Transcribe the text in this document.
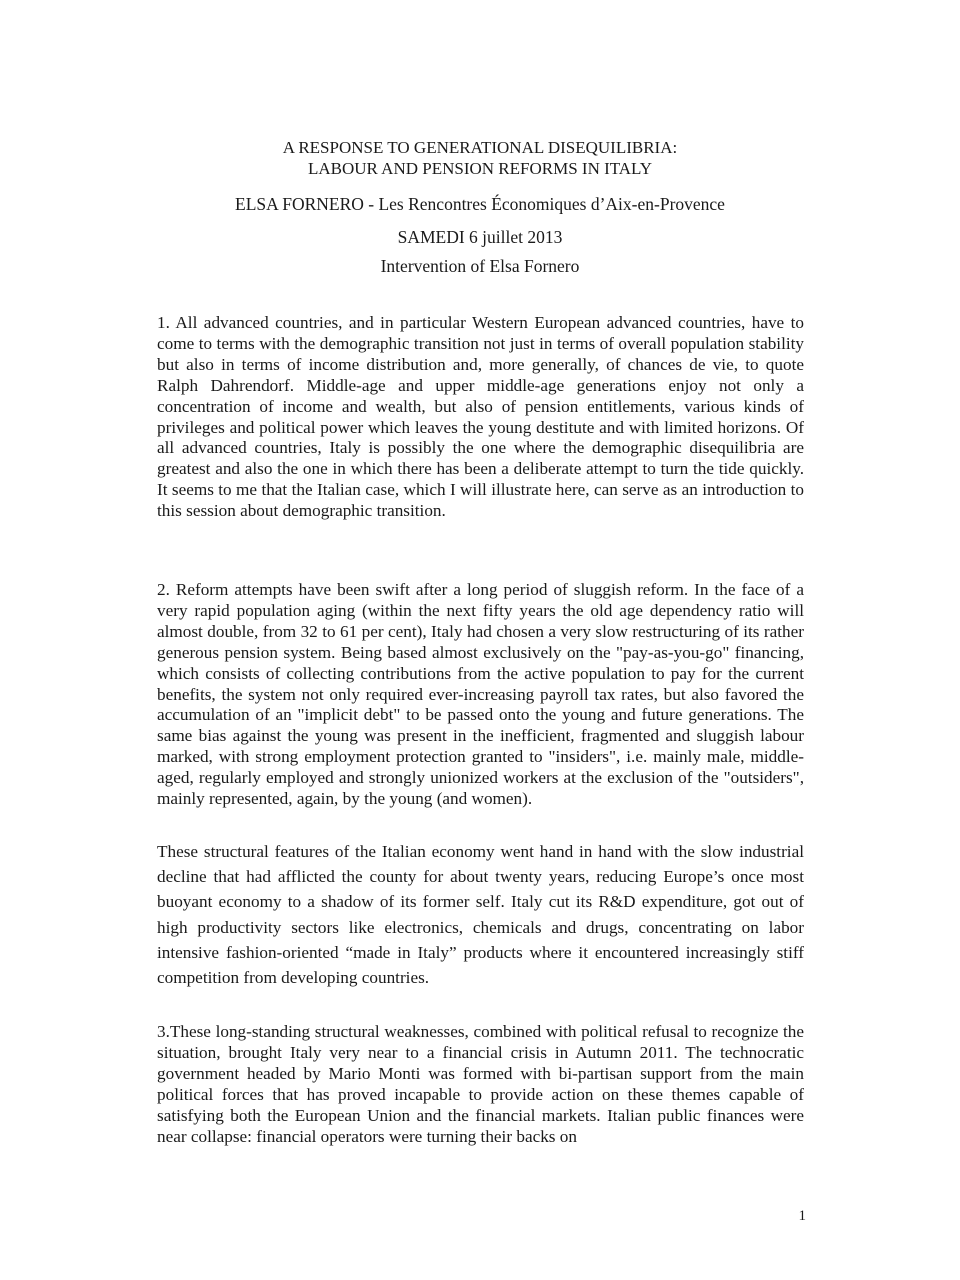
A RESPONSE TO GENERATIONAL DISEQUILIBRIA:
LABOUR AND PENSION REFORMS IN ITALY
ELSA FORNERO - Les Rencontres Économiques d’Aix-en-Provence
SAMEDI 6 juillet 2013
Intervention of Elsa Fornero

1. All advanced countries, and in particular Western European advanced countries, have to come to terms with the demographic transition not just in terms of overall population stability but also in terms of income distribution and, more generally, of chances de vie, to quote Ralph Dahrendorf. Middle-age and upper middle-age generations enjoy not only a concentration of income and wealth, but also of pension entitlements, various kinds of privileges and political power which leaves the young destitute and with limited horizons. Of all advanced countries, Italy is possibly the one where the demographic disequilibria are greatest and also the one in which there has been a deliberate attempt to turn the tide quickly. It seems to me that the Italian case, which I will illustrate here, can serve as an introduction to this session about demographic transition.

2. Reform attempts have been swift after a long period of sluggish reform. In the face of a very rapid population aging (within the next fifty years the old age dependency ratio will almost double, from 32 to 61 per cent), Italy had chosen a very slow restructuring of its rather generous pension system. Being based almost exclusively on the "pay-as-you-go" financing, which consists of collecting contributions from the active population to pay for the current benefits, the system not only required ever-increasing payroll tax rates, but also favored the accumulation of an "implicit debt" to be passed onto the young and future generations. The same bias against the young was present in the inefficient, fragmented and sluggish labour marked, with strong employment protection granted to "insiders", i.e. mainly male, middle-aged, regularly employed and strongly unionized workers at the exclusion of the "outsiders", mainly represented, again, by the young (and women).

These structural features of the Italian economy went hand in hand with the slow industrial decline that had afflicted the county for about twenty years, reducing Europe’s once most buoyant economy to a shadow of its former self. Italy cut its R&D expenditure, got out of high productivity sectors like electronics, chemicals and drugs, concentrating on labor intensive fashion-oriented “made in Italy” products where it encountered increasingly stiff competition from developing countries.

3.These long-standing structural weaknesses, combined with political refusal to recognize the situation, brought Italy very near to a financial crisis in Autumn 2011. The technocratic government headed by Mario Monti was formed with bi-partisan support from the main political forces that has proved incapable to provide action on these themes capable of satisfying both the European Union and the financial markets. Italian public finances were near collapse: financial operators were turning their backs on

1
